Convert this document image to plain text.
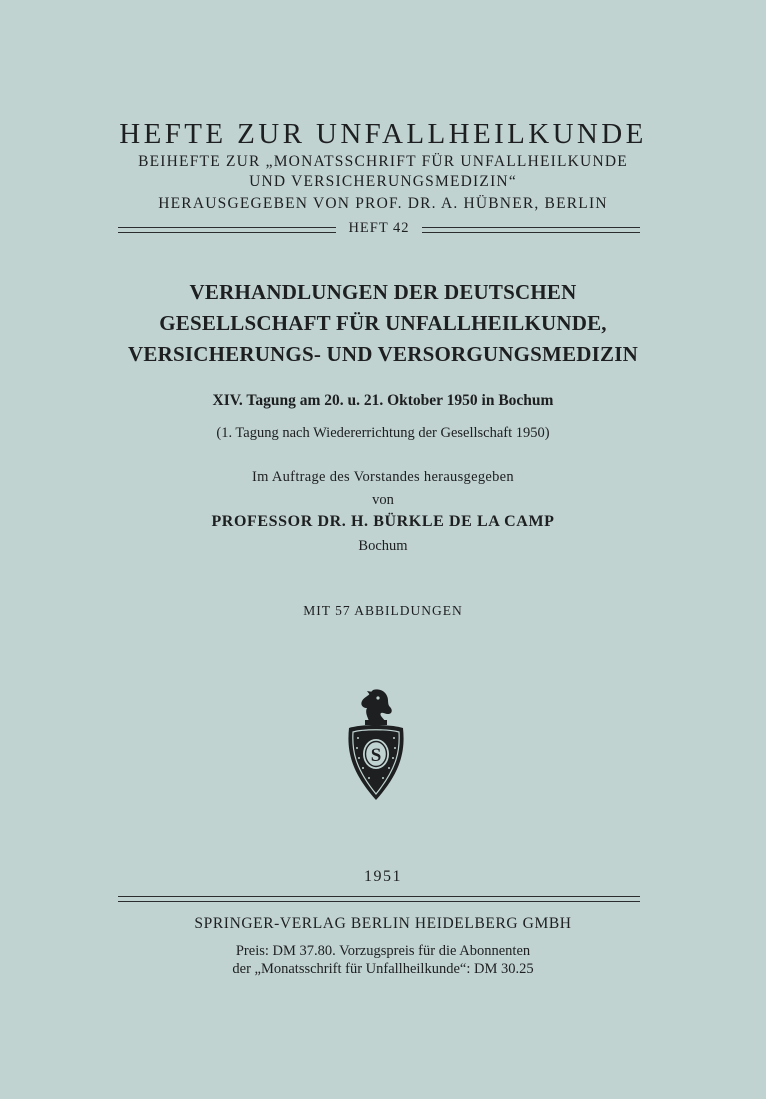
HEFTE ZUR UNFALLHEILKUNDE
BEIHEFTE ZUR „MONATSSCHRIFT FÜR UNFALLHEILKUNDE
UND VERSICHERUNGSMEDIZIN“
HERAUSGEGEBEN VON PROF. DR. A. HÜBNER, BERLIN
HEFT 42
VERHANDLUNGEN DER DEUTSCHEN
GESELLSCHAFT FÜR UNFALLHEILKUNDE,
VERSICHERUNGS- UND VERSORGUNGSMEDIZIN
XIV. Tagung am 20. u. 21. Oktober 1950 in Bochum
(1. Tagung nach Wiedererrichtung der Gesellschaft 1950)
Im Auftrage des Vorstandes herausgegeben
von
PROFESSOR DR. H. BÜRKLE DE LA CAMP
Bochum
MIT 57 ABBILDUNGEN
S
1951
SPRINGER-VERLAG BERLIN HEIDELBERG GMBH
Preis: DM 37.80. Vorzugspreis für die Abonnenten
der „Monatsschrift für Unfallheilkunde“: DM 30.25
